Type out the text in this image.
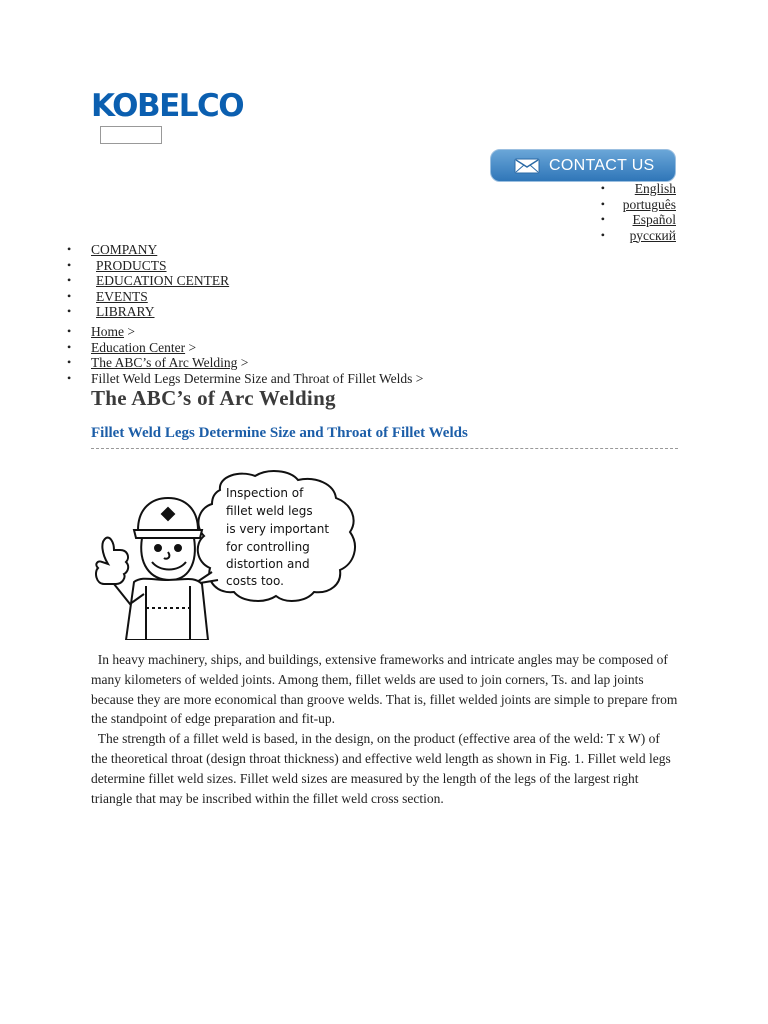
KOBELCO
CONTACT US
• English
• português
• Español
• русский
• COMPANY
• PRODUCTS
• EDUCATION CENTER
• EVENTS
• LIBRARY
• Home >
• Education Center >
• The ABC’s of Arc Welding >
• Fillet Weld Legs Determine Size and Throat of Fillet Welds >
The ABC’s of Arc Welding
Fillet Weld Legs Determine Size and Throat of Fillet Welds
Inspection of
fillet weld legs
is very important
for controlling
distortion and
costs too.

In heavy machinery, ships, and buildings, extensive frameworks and intricate angles may be composed of many kilometers of welded joints. Among them, fillet welds are used to join corners, Ts. and lap joints because they are more economical than groove welds. That is, fillet welded joints are simple to prepare from the standpoint of edge preparation and fit-up.

The strength of a fillet weld is based, in the design, on the product (effective area of the weld: T x W) of the theoretical throat (design throat thickness) and effective weld length as shown in Fig. 1. Fillet weld legs determine fillet weld sizes. Fillet weld sizes are measured by the length of the legs of the largest right triangle that may be inscribed within the fillet weld cross section.
